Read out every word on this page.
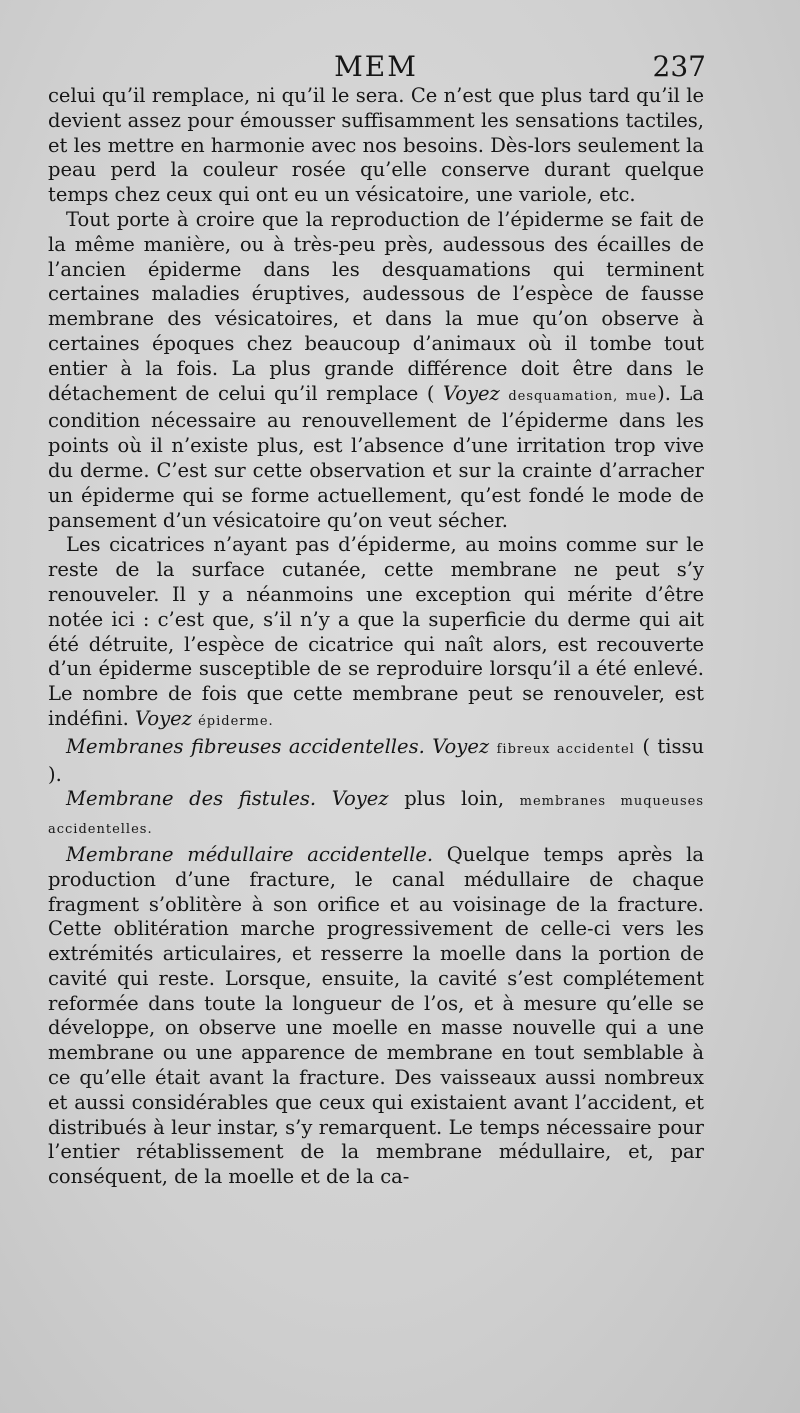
MEM	237

celui qu’il remplace, ni qu’il le sera. Ce n’est que plus tard qu’il le devient assez pour émousser suffisamment les sensations tactiles, et les mettre en harmonie avec nos besoins. Dès-lors seulement la peau perd la couleur rosée qu’elle conserve durant quelque temps chez ceux qui ont eu un vésicatoire, une variole, etc.

Tout porte à croire que la reproduction de l’épiderme se fait de la même manière, ou à très-peu près, audessous des écailles de l’ancien épiderme dans les desquamations qui terminent certaines maladies éruptives, audessous de l’espèce de fausse membrane des vésicatoires, et dans la mue qu’on observe à certaines époques chez beaucoup d’animaux où il tombe tout entier à la fois. La plus grande différence doit être dans le détachement de celui qu’il remplace ( Voyez desquamation, mue). La condition nécessaire au renouvellement de l’épiderme dans les points où il n’existe plus, est l’absence d’une irritation trop vive du derme. C’est sur cette observation et sur la crainte d’arracher un épiderme qui se forme actuellement, qu’est fondé le mode de pansement d’un vésicatoire qu’on veut sécher.

Les cicatrices n’ayant pas d’épiderme, au moins comme sur le reste de la surface cutanée, cette membrane ne peut s’y renouveler. Il y a néanmoins une exception qui mérite d’être notée ici : c’est que, s’il n’y a que la superficie du derme qui ait été détruite, l’espèce de cicatrice qui naît alors, est recouverte d’un épiderme susceptible de se reproduire lorsqu’il a été enlevé. Le nombre de fois que cette membrane peut se renouveler, est indéfini. Voyez épiderme.

Membranes fibreuses accidentelles. Voyez fibreux accidentel ( tissu ).

Membrane des fistules. Voyez plus loin, membranes muqueuses accidentelles.

Membrane médullaire accidentelle. Quelque temps après la production d’une fracture, le canal médullaire de chaque fragment s’oblitère à son orifice et au voisinage de la fracture. Cette oblitération marche progressivement de celle-ci vers les extrémités articulaires, et resserre la moelle dans la portion de cavité qui reste. Lorsque, ensuite, la cavité s’est complétement reformée dans toute la longueur de l’os, et à mesure qu’elle se développe, on observe une moelle en masse nouvelle qui a une membrane ou une apparence de membrane en tout semblable à ce qu’elle était avant la fracture. Des vaisseaux aussi nombreux et aussi considérables que ceux qui existaient avant l’accident, et distribués à leur instar, s’y remarquent. Le temps nécessaire pour l’entier rétablissement de la membrane médullaire, et, par conséquent, de la moelle et de la ca-
